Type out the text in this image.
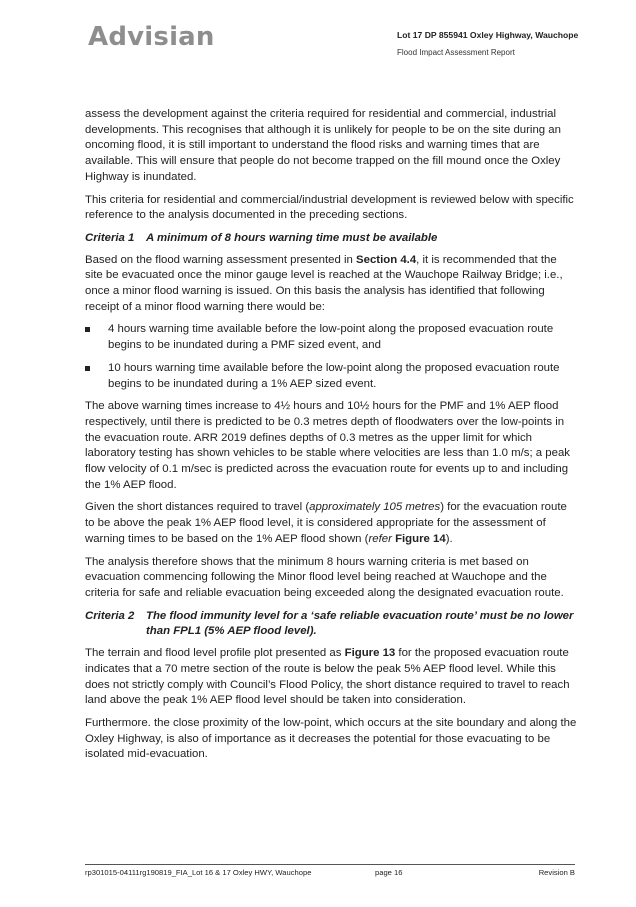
Advisian	Lot 17 DP 855941 Oxley Highway, Wauchope
Flood Impact Assessment Report

assess the development against the criteria required for residential and commercial, industrial developments. This recognises that although it is unlikely for people to be on the site during an oncoming flood, it is still important to understand the flood risks and warning times that are available. This will ensure that people do not become trapped on the fill mound once the Oxley Highway is inundated.

This criteria for residential and commercial/industrial development is reviewed below with specific reference to the analysis documented in the preceding sections.

Criteria 1	A minimum of 8 hours warning time must be available

Based on the flood warning assessment presented in Section 4.4, it is recommended that the site be evacuated once the minor gauge level is reached at the Wauchope Railway Bridge; i.e., once a minor flood warning is issued. On this basis the analysis has identified that following receipt of a minor flood warning there would be:

4 hours warning time available before the low-point along the proposed evacuation route begins to be inundated during a PMF sized event, and
10 hours warning time available before the low-point along the proposed evacuation route begins to be inundated during a 1% AEP sized event.

The above warning times increase to 4½ hours and 10½ hours for the PMF and 1% AEP flood respectively, until there is predicted to be 0.3 metres depth of floodwaters over the low-points in the evacuation route. ARR 2019 defines depths of 0.3 metres as the upper limit for which laboratory testing has shown vehicles to be stable where velocities are less than 1.0 m/s; a peak flow velocity of 0.1 m/sec is predicted across the evacuation route for events up to and including the 1% AEP flood.

Given the short distances required to travel (approximately 105 metres) for the evacuation route to be above the peak 1% AEP flood level, it is considered appropriate for the assessment of warning times to be based on the 1% AEP flood shown (refer Figure 14).

The analysis therefore shows that the minimum 8 hours warning criteria is met based on evacuation commencing following the Minor flood level being reached at Wauchope and the criteria for safe and reliable evacuation being exceeded along the designated evacuation route.

Criteria 2	The flood immunity level for a ‘safe reliable evacuation route’ must be no lower than FPL1 (5% AEP flood level).

The terrain and flood level profile plot presented as Figure 13 for the proposed evacuation route indicates that a 70 metre section of the route is below the peak 5% AEP flood level. While this does not strictly comply with Council’s Flood Policy, the short distance required to travel to reach land above the peak 1% AEP flood level should be taken into consideration.

Furthermore. the close proximity of the low-point, which occurs at the site boundary and along the Oxley Highway, is also of importance as it decreases the potential for those evacuating to be isolated mid-evacuation.

rp301015-04111rg190819_FIA_Lot 16 & 17 Oxley HWY, Wauchope	page 16	Revision B
